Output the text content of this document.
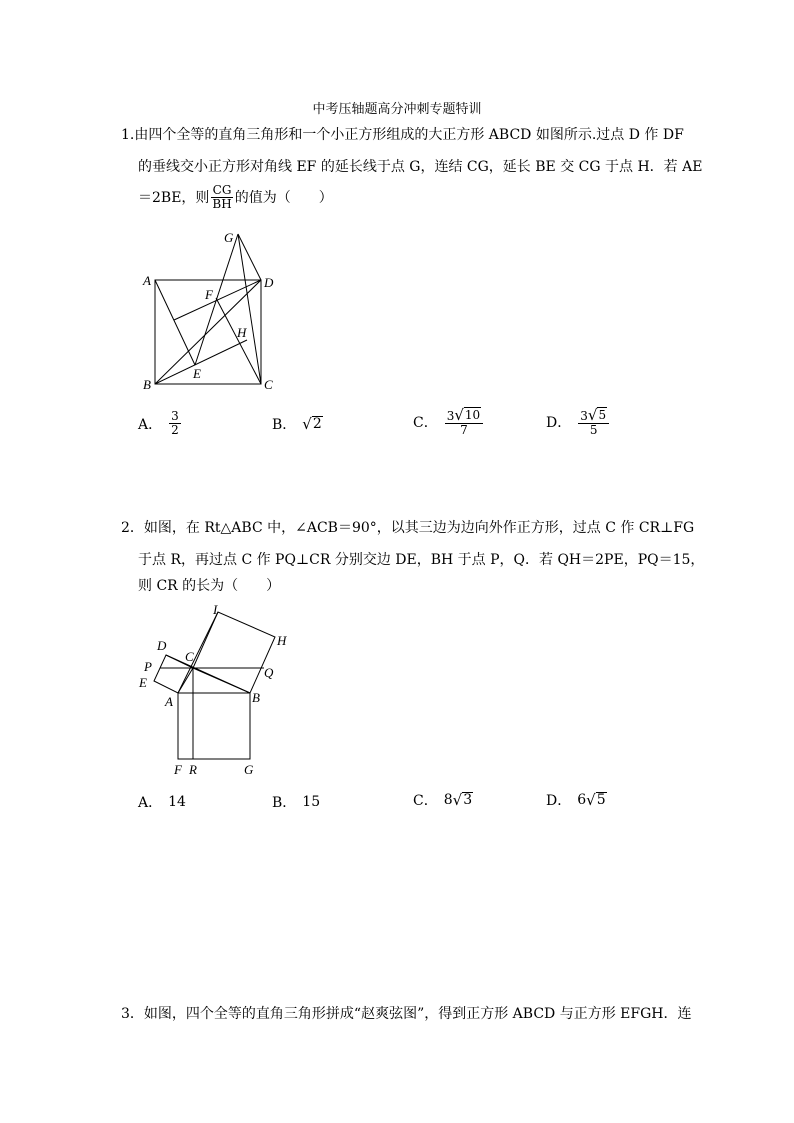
中考压轴题高分冲刺专题特训
1.由四个全等的直角三角形和一个小正方形组成的大正方形 ABCD 如图所示.过点 D 作 DF
的垂线交小正方形对角线 EF 的延长线于点 G，连结 CG，延长 BE 交 CG 于点 H．若 AE
＝2BE，则 $\frac{CG}{BH}$ 的值为（　　）
A
B	C
D
E
F
G
H
A． $\frac{3}{2}$	B． √ 2	C． $\frac{3 √ 10}{7}$	D． $\frac{3 √ 5}{5}$
2．如图，在 Rt△ABC 中，∠ACB＝90°，以其三边为边向外作正方形，过点 C 作 CR⊥FG
于点 R，再过点 C 作 PQ⊥CR 分别交边 DE，BH 于点 P，Q．若 QH＝2PE，PQ＝15，
则 CR 的长为（　　）
I
H
D
C
Q
P
E
A	B
F R	G
A． 14	B． 15	C． 8 √ 3	D． 6 √ 5
3．如图，四个全等的直角三角形拼成“赵爽弦图”，得到正方形 ABCD 与正方形 EFGH．连
